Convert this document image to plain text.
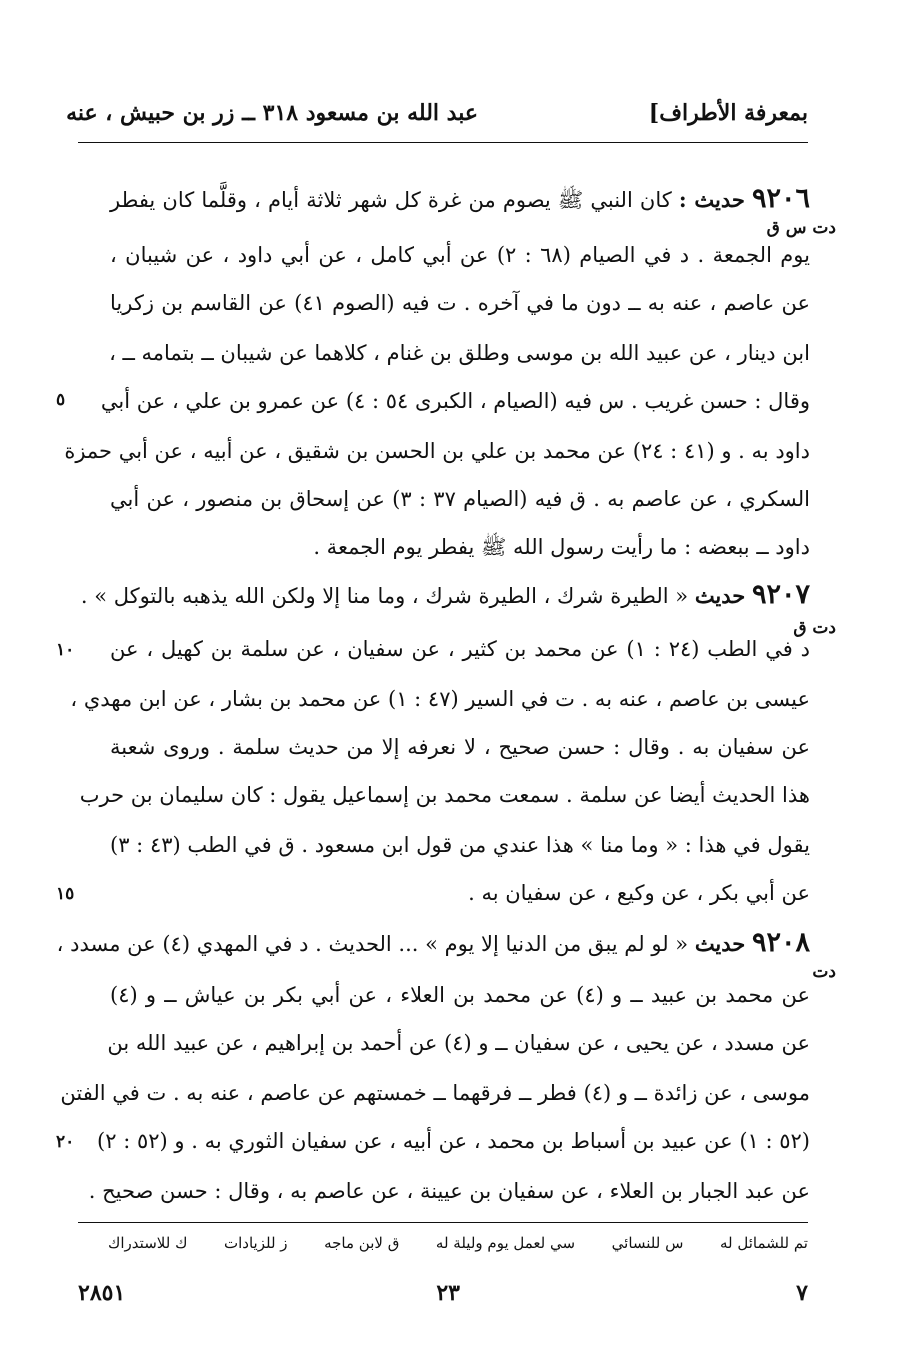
بمعرفة الأطراف]
عبد الله بن مسعود ٣١٨ ــ زر بن حبيش ، عنه
٩٢٠٦ حديث : كان النبي ﷺ يصوم من غرة كل شهر ثلاثة أيام ، وقلَّما كان يفطر
دت س ق
يوم الجمعة . د في الصيام (٦٨ : ٢) عن أبي كامل ، عن أبي داود ، عن شيبان ،
عن عاصم ، عنه به ــ دون ما في آخره . ت فيه (الصوم ٤١) عن القاسم بن زكريا
ابن دينار ، عن عبيد الله بن موسى وطلق بن غنام ، كلاهما عن شيبان ــ بتمامه ــ ،
وقال : حسن غريب . س فيه (الصيام ، الكبرى ٥٤ : ٤) عن عمرو بن علي ، عن أبي
٥
داود به . و (٤١ : ٢٤) عن محمد بن علي بن الحسن بن شقيق ، عن أبيه ، عن أبي حمزة
السكري ، عن عاصم به . ق فيه (الصيام ٣٧ : ٣) عن إسحاق بن منصور ، عن أبي
داود ــ ببعضه : ما رأيت رسول الله ﷺ يفطر يوم الجمعة .
٩٢٠٧ حديث « الطيرة شرك ، الطيرة شرك ، وما منا إلا ولكن الله يذهبه بالتوكل » .
دت ق
د في الطب (٢٤ : ١) عن محمد بن كثير ، عن سفيان ، عن سلمة بن كهيل ، عن
١٠
عيسى بن عاصم ، عنه به . ت في السير (٤٧ : ١) عن محمد بن بشار ، عن ابن مهدي ،
عن سفيان به . وقال : حسن صحيح ، لا نعرفه إلا من حديث سلمة . وروى شعبة
هذا الحديث أيضا عن سلمة . سمعت محمد بن إسماعيل يقول : كان سليمان بن حرب
يقول في هذا : « وما منا » هذا عندي من قول ابن مسعود . ق في الطب (٤٣ : ٣)
عن أبي بكر ، عن وكيع ، عن سفيان به .
١٥
٩٢٠٨ حديث « لو لم يبق من الدنيا إلا يوم » ... الحديث . د في المهدي (٤) عن مسدد ،
دت
عن محمد بن عبيد ــ و (٤) عن محمد بن العلاء ، عن أبي بكر بن عياش ــ و (٤)
عن مسدد ، عن يحيى ، عن سفيان ــ و (٤) عن أحمد بن إبراهيم ، عن عبيد الله بن
موسى ، عن زائدة ــ و (٤) فطر ــ فرقهما ــ خمستهم عن عاصم ، عنه به . ت في الفتن
(٥٢ : ١) عن عبيد بن أسباط بن محمد ، عن أبيه ، عن سفيان الثوري به . و (٥٢ : ٢)
٢٠
عن عبد الجبار بن العلاء ، عن سفيان بن عيينة ، عن عاصم به ، وقال : حسن صحيح .
تم للشمائل له
س للنسائي
سي لعمل يوم وليلة له
ق لابن ماجه
ز للزيادات
ك للاستدراك
٧
٢٣
٢٨٥١
